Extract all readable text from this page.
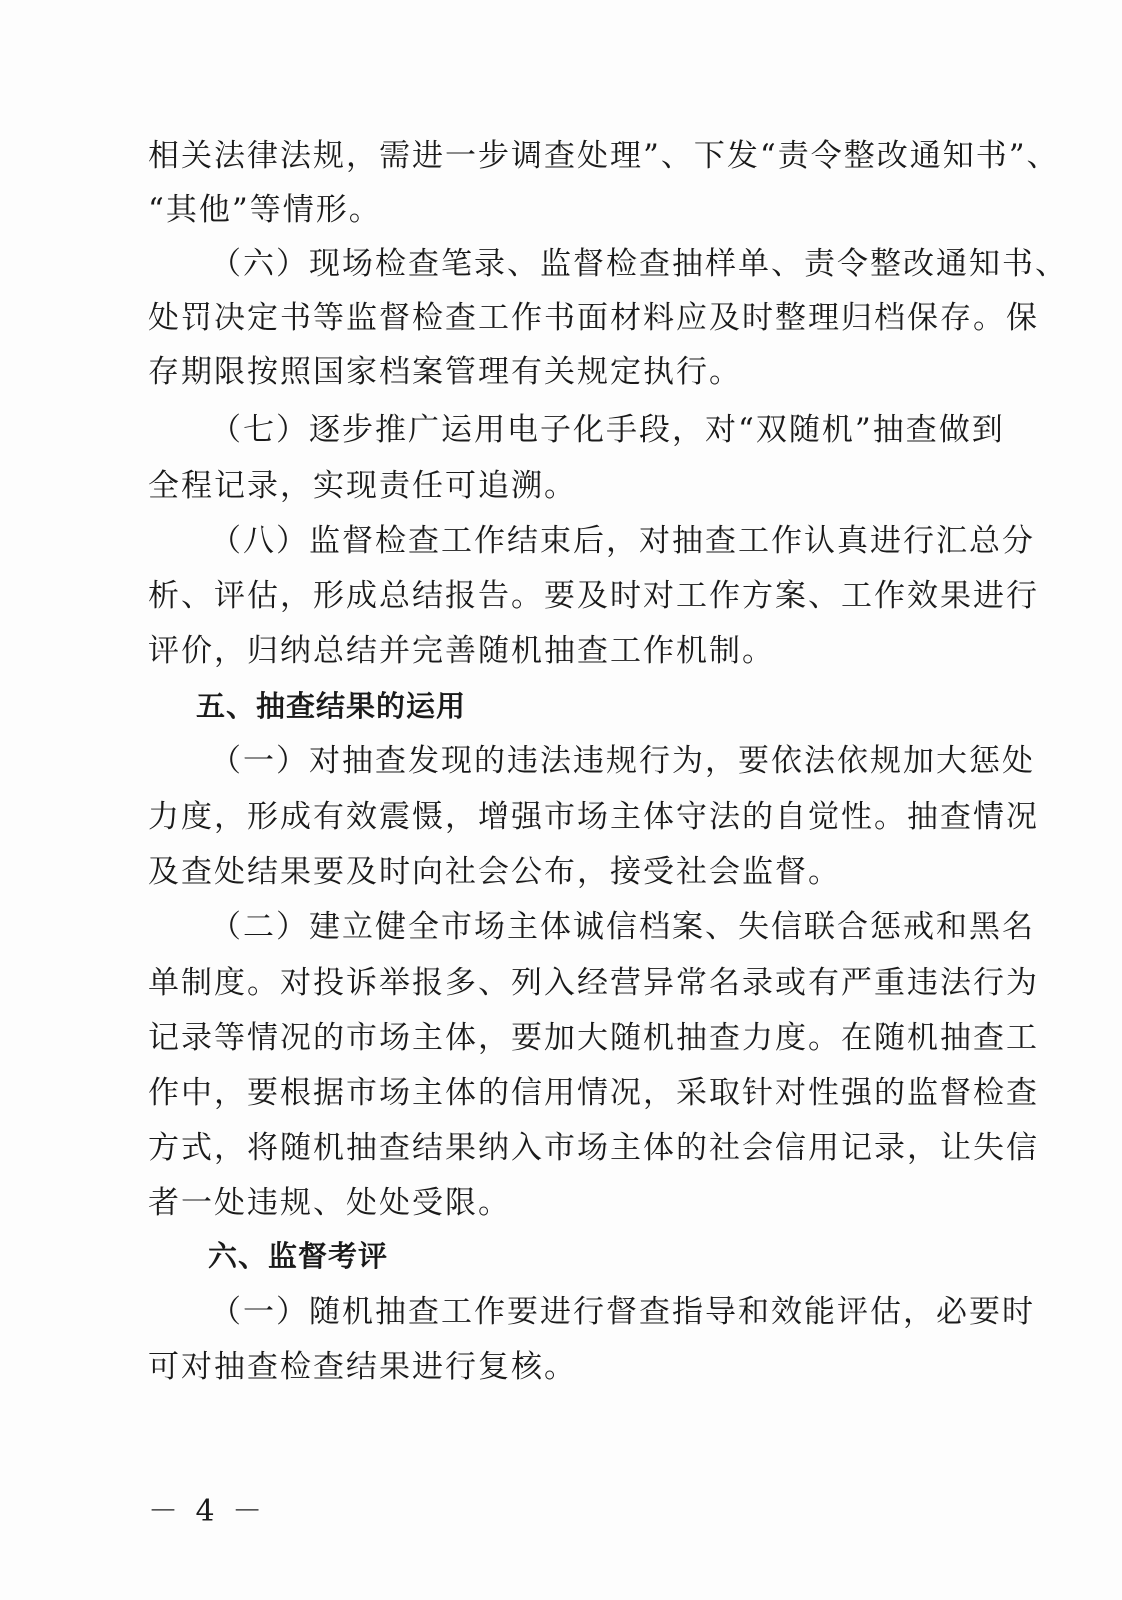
相关法律法规，需进一步调查处理”、下发“责令整改通知书”、
“其他”等情形。
（六）现场检查笔录、监督检查抽样单、责令整改通知书、
处罚决定书等监督检查工作书面材料应及时整理归档保存。保
存期限按照国家档案管理有关规定执行。
（七）逐步推广运用电子化手段，对“双随机”抽查做到
全程记录，实现责任可追溯。
（八）监督检查工作结束后，对抽查工作认真进行汇总分
析、评估，形成总结报告。要及时对工作方案、工作效果进行
评价，归纳总结并完善随机抽查工作机制。
五、抽查结果的运用
（一）对抽查发现的违法违规行为，要依法依规加大惩处
力度，形成有效震慑，增强市场主体守法的自觉性。抽查情况
及查处结果要及时向社会公布，接受社会监督。
（二）建立健全市场主体诚信档案、失信联合惩戒和黑名
单制度。对投诉举报多、列入经营异常名录或有严重违法行为
记录等情况的市场主体，要加大随机抽查力度。在随机抽查工
作中，要根据市场主体的信用情况，采取针对性强的监督检查
方式，将随机抽查结果纳入市场主体的社会信用记录，让失信
者一处违规、处处受限。
六、监督考评
（一）随机抽查工作要进行督查指导和效能评估，必要时
可对抽查检查结果进行复核。
－ 4 －
